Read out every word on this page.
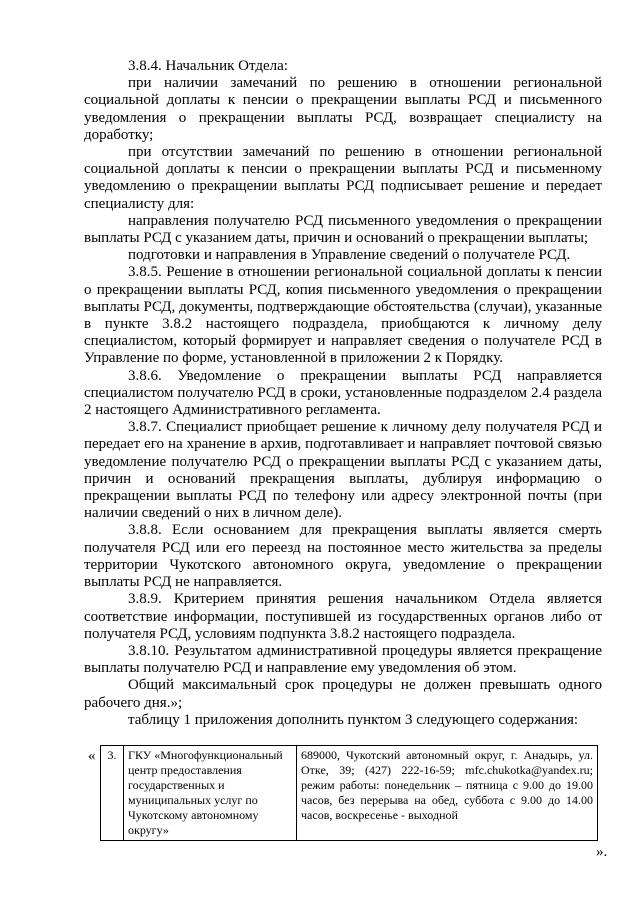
3.8.4. Начальник Отдела:

при наличии замечаний по решению в отношении региональной социальной доплаты к пенсии о прекращении выплаты РСД и письменного уведомления о прекращении выплаты РСД, возвращает специалисту на доработку;

при отсутствии замечаний по решению в отношении региональной социальной доплаты к пенсии о прекращении выплаты РСД и письменному уведомлению о прекращении выплаты РСД подписывает решение и передает специалисту для:

направления получателю РСД письменного уведомления о прекращении выплаты РСД с указанием даты, причин и оснований о прекращении выплаты;

подготовки и направления в Управление сведений о получателе РСД.

3.8.5. Решение в отношении региональной социальной доплаты к пенсии о прекращении выплаты РСД, копия письменного уведомления о прекращении выплаты РСД, документы, подтверждающие обстоятельства (случаи), указанные в пункте 3.8.2 настоящего подраздела, приобщаются к личному делу специалистом, который формирует и направляет сведения о получателе РСД в Управление по форме, установленной в приложении 2 к Порядку.

3.8.6. Уведомление о прекращении выплаты РСД направляется специалистом получателю РСД в сроки, установленные подразделом 2.4 раздела 2 настоящего Административного регламента.

3.8.7. Специалист приобщает решение к личному делу получателя РСД и передает его на хранение в архив, подготавливает и направляет почтовой связью уведомление получателю РСД о прекращении выплаты РСД с указанием даты, причин и оснований прекращения выплаты, дублируя информацию о прекращении выплаты РСД по телефону или адресу электронной почты (при наличии сведений о них в личном деле).

3.8.8. Если основанием для прекращения выплаты является смерть получателя РСД или его переезд на постоянное место жительства за пределы территории Чукотского автономного округа, уведомление о прекращении выплаты РСД не направляется.

3.8.9. Критерием принятия решения начальником Отдела является соответствие информации, поступившей из государственных органов либо от получателя РСД, условиям подпункта 3.8.2 настоящего подраздела.

3.8.10. Результатом административной процедуры является прекращение выплаты получателю РСД и направление ему уведомления об этом.

Общий максимальный срок процедуры не должен превышать одного рабочего дня.»;

таблицу 1 приложения дополнить пунктом 3 следующего содержания:

« 3.	ГКУ «Многофункциональный центр предоставления государственных и муниципальных услуг по Чукотскому автономному округу»	689000, Чукотский автономный округ, г. Анадырь, ул. Отке, 39; (427) 222-16-59; mfc.chukotka@yandex.ru; режим работы: понедельник – пятница с 9.00 до 19.00 часов, без перерыва на обед, суббота с 9.00 до 14.00 часов, воскресенье - выходной
».
